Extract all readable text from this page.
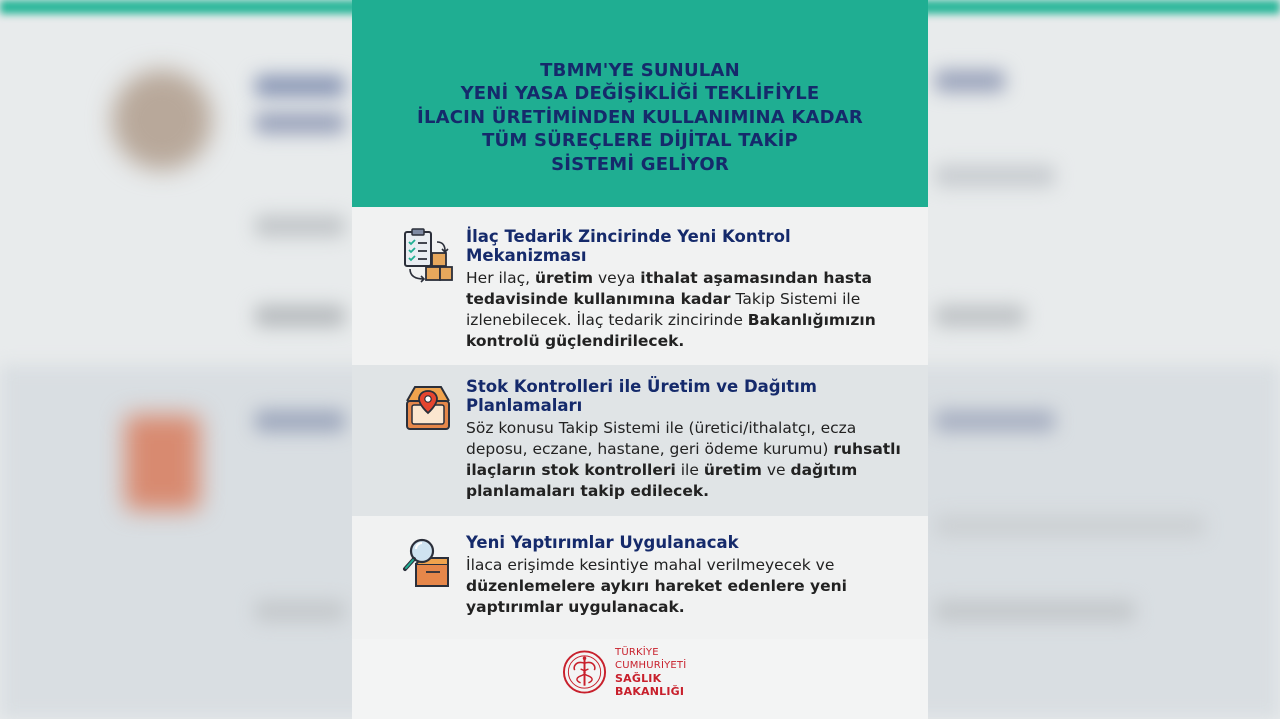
TBMM'YE SUNULAN
YENİ YASA DEĞİŞİKLİĞİ TEKLİFİYLE
İLACIN ÜRETİMİNDEN KULLANIMINA KADAR
TÜM SÜREÇLERE DİJİTAL TAKİP
SİSTEMİ GELİYOR
İlaç Tedarik Zincirinde Yeni Kontrol Mekanizması
Her ilaç, üretim veya ithalat aşamasından hasta tedavisinde kullanımına kadar Takip Sistemi ile izlenebilecek. İlaç tedarik zincirinde Bakanlığımızın kontrolü güçlendirilecek.
Stok Kontrolleri ile Üretim ve Dağıtım Planlamaları
Söz konusu Takip Sistemi ile (üretici/ithalatçı, ecza deposu, eczane, hastane, geri ödeme kurumu) ruhsatlı ilaçların stok kontrolleri ile üretim ve dağıtım planlamaları takip edilecek.
Yeni Yaptırımlar Uygulanacak
İlaca erişimde kesintiye mahal verilmeyecek ve düzenlemelere aykırı hareket edenlere yeni yaptırımlar uygulanacak.
TÜRKİYE CUMHURİYETİ
SAĞLIK BAKANLIĞI
